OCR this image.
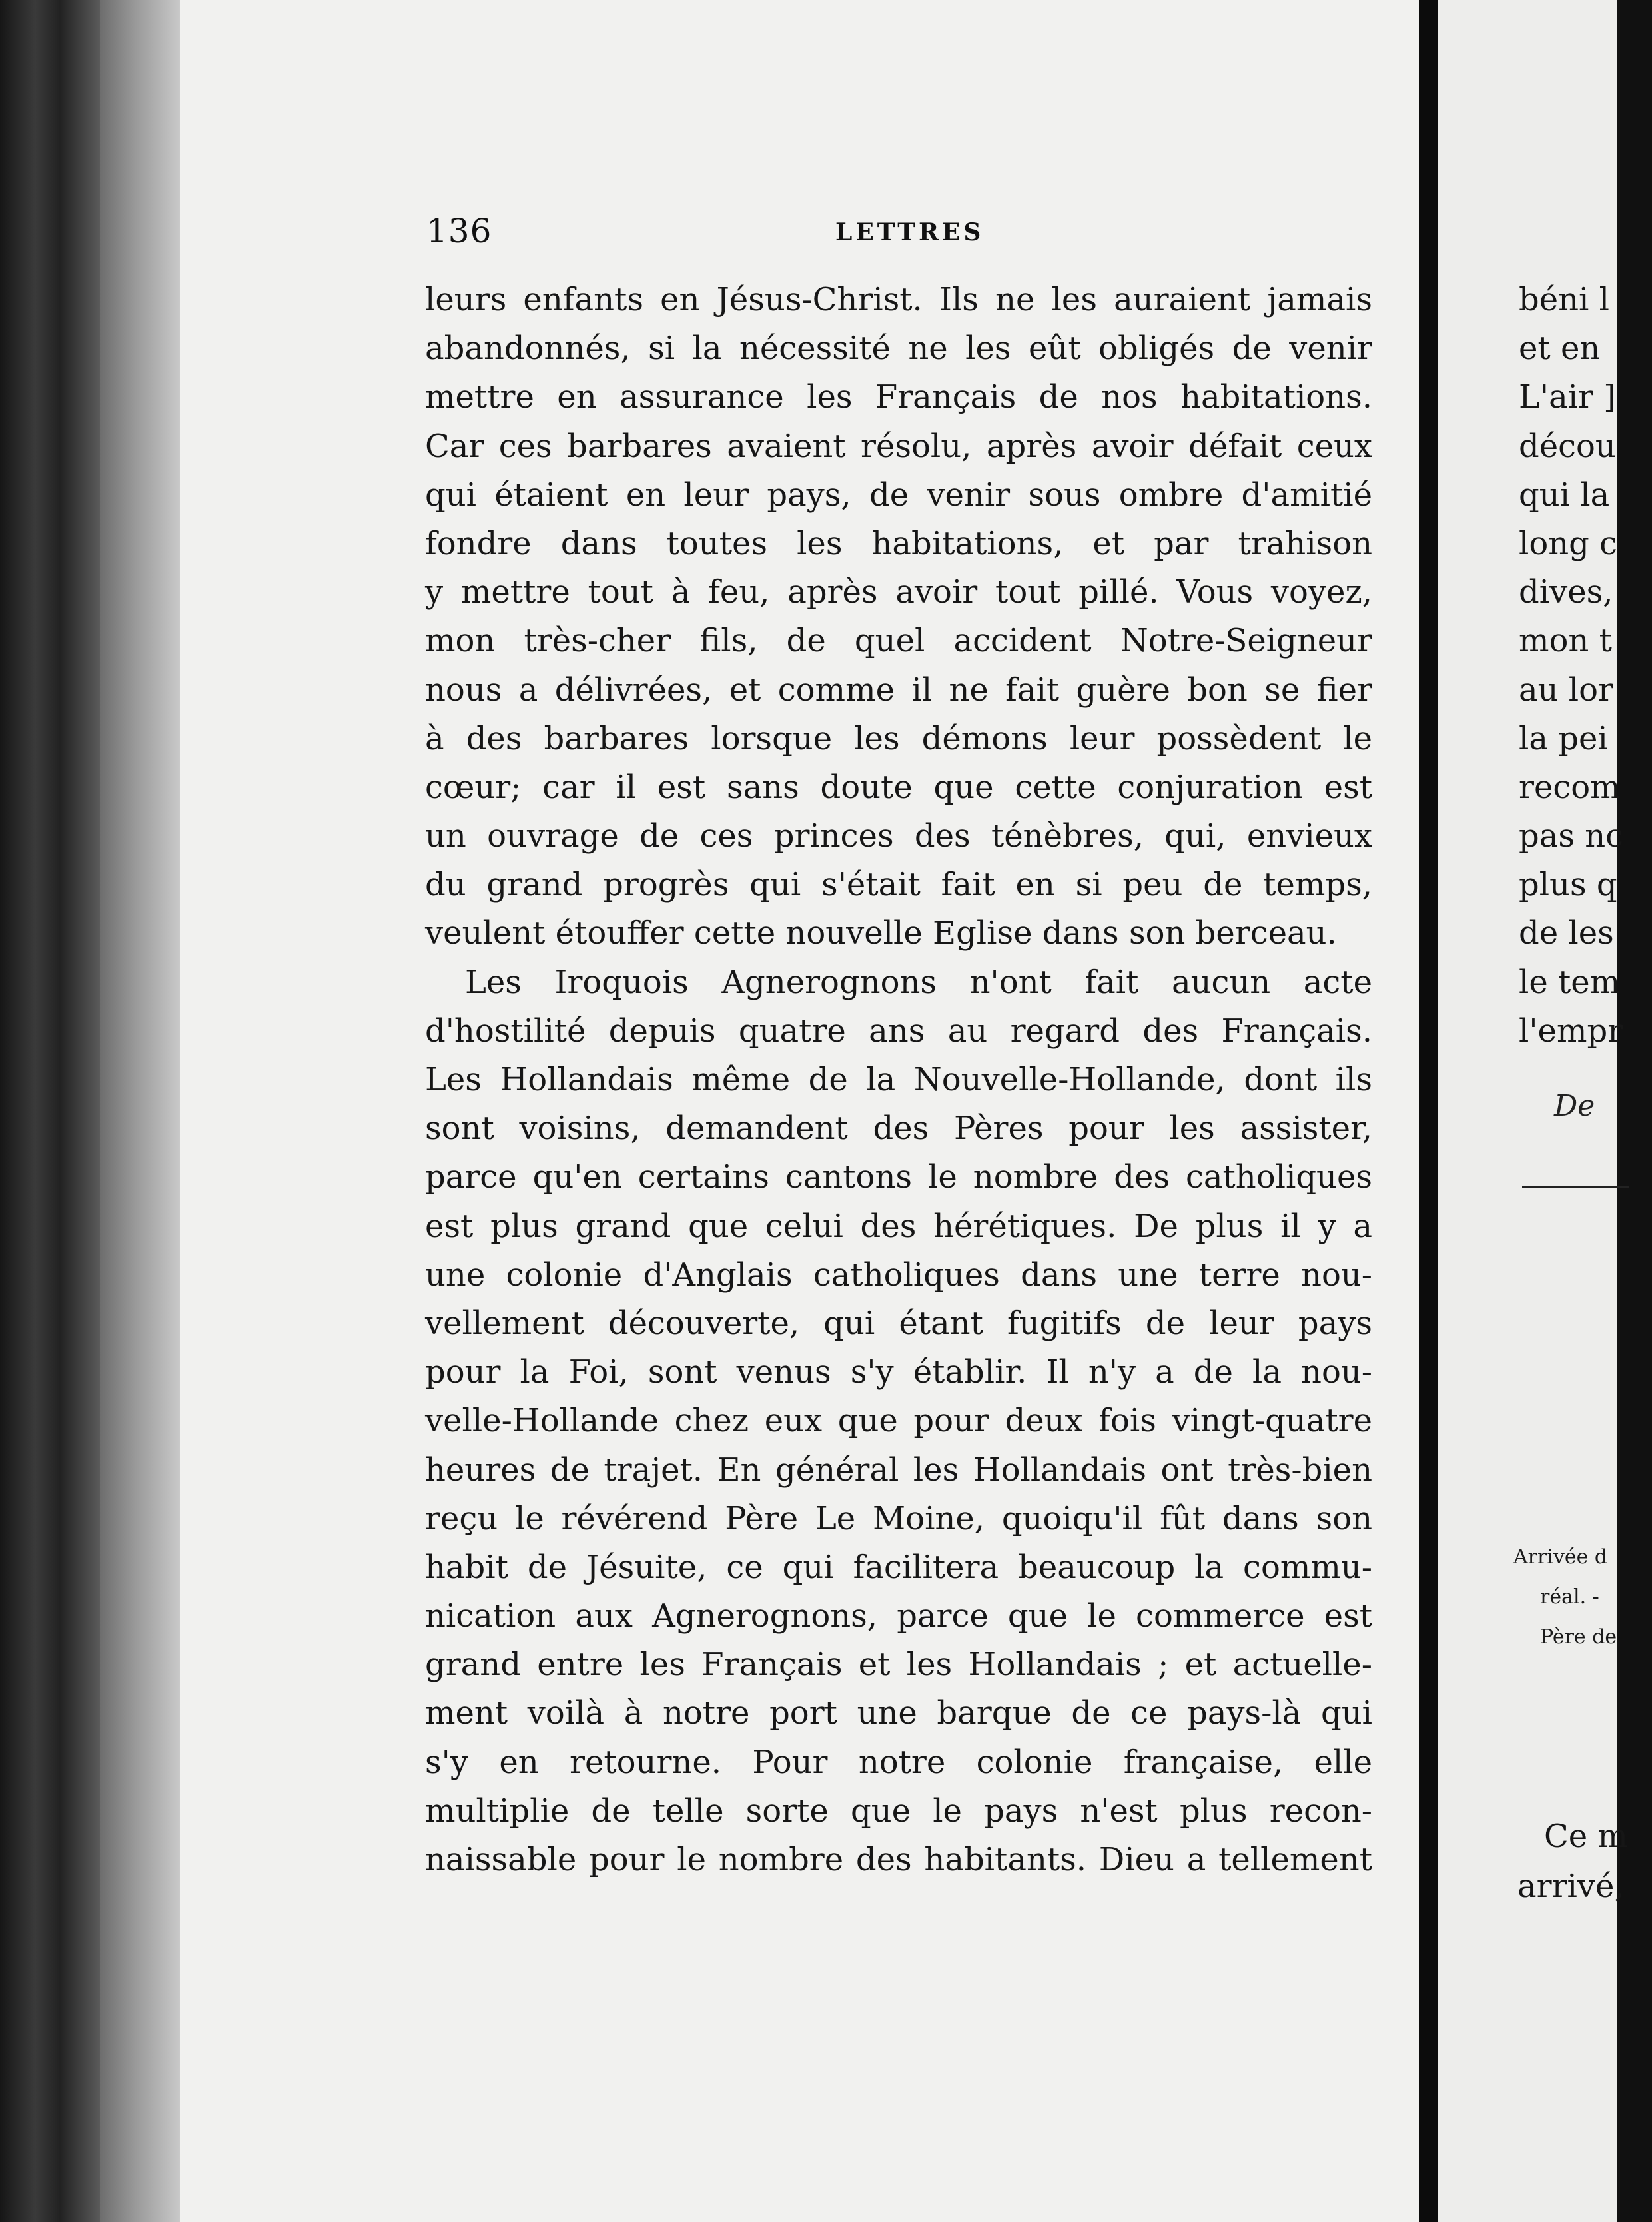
136	LETTRES
leurs enfants en Jésus-Christ. Ils ne les auraient jamais
abandonnés, si la nécessité ne les eût obligés de venir
mettre en assurance les Français de nos habitations.
Car ces barbares avaient résolu, après avoir défait ceux
qui étaient en leur pays, de venir sous ombre d'amitié
fondre dans toutes les habitations, et par trahison
y mettre tout à feu, après avoir tout pillé. Vous voyez,
mon très-cher fils, de quel accident Notre-Seigneur
nous a délivrées, et comme il ne fait guère bon se fier
à des barbares lorsque les démons leur possèdent le
cœur; car il est sans doute que cette conjuration est
un ouvrage de ces princes des ténèbres, qui, envieux
du grand progrès qui s'était fait en si peu de temps,
veulent étouffer cette nouvelle Eglise dans son berceau.
Les Iroquois Agnerognons n'ont fait aucun acte
d'hostilité depuis quatre ans au regard des Français.
Les Hollandais même de la Nouvelle-Hollande, dont ils
sont voisins, demandent des Pères pour les assister,
parce qu'en certains cantons le nombre des catholiques
est plus grand que celui des hérétiques. De plus il y a
une colonie d'Anglais catholiques dans une terre nou-
vellement découverte, qui étant fugitifs de leur pays
pour la Foi, sont venus s'y établir. Il n'y a de la nou-
velle-Hollande chez eux que pour deux fois vingt-quatre
heures de trajet. En général les Hollandais ont très-bien
reçu le révérend Père Le Moine, quoiqu'il fût dans son
habit de Jésuite, ce qui facilitera beaucoup la commu-
nication aux Agnerognons, parce que le commerce est
grand entre les Français et les Hollandais ; et actuelle-
ment voilà à notre port une barque de ce pays-là qui
s'y en retourne. Pour notre colonie française, elle
multiplie de telle sorte que le pays n'est plus recon-
naissable pour le nombre des habitants. Dieu a tellement
béni l
et en
L'air ]
décou
qui la
long c
dives,
mon t
au lor
la pei
recom
pas nc
plus q
de les
le tem
l'empr
De
Arrivée d
réal. -
Père de
Ce m
arrivé,
